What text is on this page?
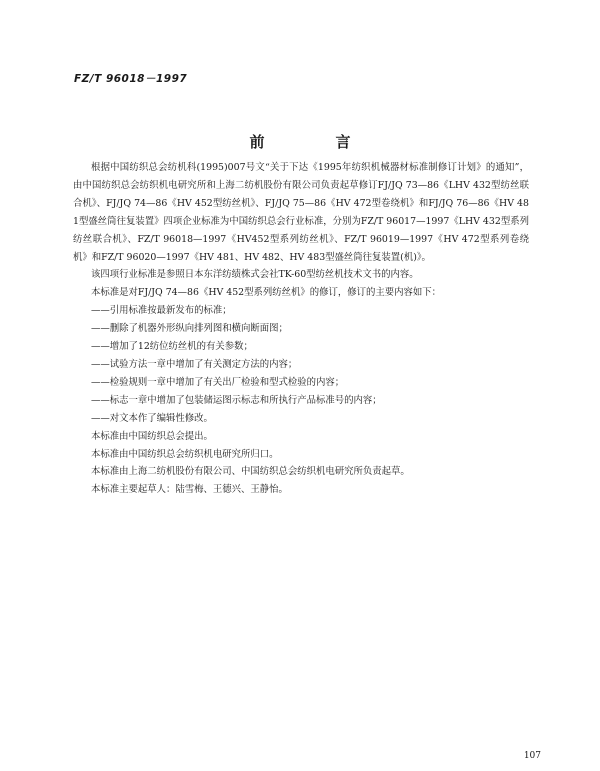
FZ/T 96018－1997
前　言

根据中国纺织总会纺机科(1995)007号文“关于下达《1995年纺织机械器材标准制修订计划》的通知”，由中国纺织总会纺织机电研究所和上海二纺机股份有限公司负责起草修订FJ/JQ 73—86《LHV 432型纺丝联合机》、FJ/JQ 74—86《HV 452型纺丝机》、FJ/JQ 75—86《HV 472型卷绕机》和FJ/JQ 76—86《HV 481型盛丝筒往复装置》四项企业标准为中国纺织总会行业标准，分别为FZ/T 96017—1997《LHV 432型系列纺丝联合机》、FZ/T 96018—1997《HV452型系列纺丝机》、FZ/T 96019—1997《HV 472型系列卷绕机》和FZ/T 96020—1997《HV 481、HV 482、HV 483型盛丝筒往复装置(机)》。

该四项行业标准是参照日本东洋纺绩株式会社TK-60型纺丝机技术文书的内容。

本标准是对FJ/JQ 74—86《HV 452型系列纺丝机》的修订，修订的主要内容如下：

——引用标准按最新发布的标准；

——删除了机器外形纵向排列图和横向断面图；

——增加了12纺位纺丝机的有关参数；

——试验方法一章中增加了有关测定方法的内容；

——检验规则一章中增加了有关出厂检验和型式检验的内容；

——标志一章中增加了包装储运图示标志和所执行产品标准号的内容；

——对文本作了编辑性修改。

本标准由中国纺织总会提出。

本标准由中国纺织总会纺织机电研究所归口。

本标准由上海二纺机股份有限公司、中国纺织总会纺织机电研究所负责起草。

本标准主要起草人：陆雪梅、王德兴、王静怡。

107
